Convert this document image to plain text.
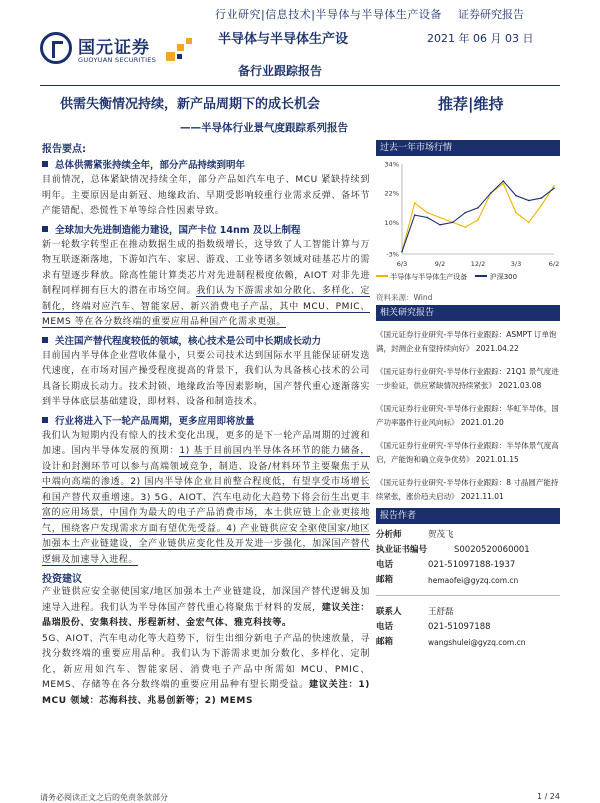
行业研究|信息技术|半导体与半导体生产设备 证券研究报告
国元证券
GUOYUAN SECURITIES
半导体与半导体生产设	2021 年 06 月 03 日
备行业跟踪报告
供需失衡情况持续，新产品周期下的成长机会
——半导体行业景气度跟踪系列报告
推荐|维持
报告要点:
总体供需紧张持续全年，部分产品持续到明年

目前情况，总体紧缺情况持续全年，部分产品如汽车电子、MCU 紧缺持续到明年。主要原因是由新冠、地缘政治、早期受影响较重行业需求反弹、备坏节产能错配、恐慌性下单等综合性因素导致。

全球加大先进制造能力建设，国产卡位 14nm 及以上制程

新一轮数字转型正在推动数据生成的指数级增长，这导致了人工智能计算与万物互联逐渐落地，下游如汽车、家居、游戏、工业等诸多领域对硅基芯片的需求有望逐步释放。除高性能计算类芯片对先进制程极度依赖，AIOT 对非先进制程同样拥有巨大的潜在市场空间。我们认为下游需求如分散化、多样化、定制化，终端对应汽车、智能家居、新兴消费电子产品，其中 MCU、PMIC、MEMS 等在各分数终端的重要应用品种国产化需求更强。

关注国产替代程度较低的领域，核心技术是公司中长期成长动力

目前国内半导体企业营收体量小，只要公司技术达到国际水平且能保证研发迭代速度，在市场对国产操受程度提高的背景下，我们认为具备核心技术的公司具备长期成长动力。技术封锁、地缘政治等因素影响，国产替代重心逐渐落实到半导体底层基础建设，即材料、设备和制造技术。

行业将进入下一轮产品周期，更多应用即将放量

我们认为短期内没有惊人的技术变化出现，更多的是下一轮产品周期的过渡和加速。国内半导体发展的预期：1) 基于目前国内半导体各环节的能力储备，设计和封测环节可以参与高端领域竞争，制造、设备/材料环节主要聚焦于从中端向高端的渗透。2) 国内半导体企业目前整合程度低，有望享受市场增长和国产替代双重增速。3) 5G、AIOT、汽车电动化大趋势下将会衍生出更丰富的应用场景，中国作为最大的电子产品消费市场，本土供应链上企业更接地气，围绕客户发现需求方面有望优先受益。4) 产业链供应安全驱使国家/地区加强本土产业链建设，全产业链供应变化性及开发进一步强化，加深国产替代逻辑及加速导入进程。

投资建议

产业链供应安全驱使国家/地区加强本土产业链建设，加深国产替代逻辑及加速导入进程。我们认为半导体国产替代重心将聚焦于材料的发展，建议关注：晶瑞股份、安集科技、彤程新材、金宏气体、雅克科技等。

5G、AIOT、汽车电动化等大趋势下，衍生出细分新电子产品的快速放量，寻找分数终端的重要应用品种。我们认为下游需求更加分数化、多样化、定制化，新应用如汽车、智能家居、消费电子产品中所需如 MCU、PMIC、MEMS、存储等在各分数终端的重要应用品种有望长期受益。建议关注：1) MCU 领域：芯海科技、兆易创新等；2) MEMS

过去一年市场行情
34%
22%
10%
-3%
6/3	9/2	12/2	3/3	6/2
半导体与半导体生产设备	沪深300
资料来源：Wind
相关研究报告
《国元证券行业研究-半导体行业跟踪：ASMPT 订单饱满，封测企业有望持续向好》 2021.04.22
《国元证券行业研究-半导体行业跟踪：21Q1 景气度进一步验证，供应紧缺情况持续紧张》 2021.03.08
《国元证券行业研究-半导体行业跟踪：华虹半导体，国产功率器件行业风向标》 2021.01.20
《国元证券行业研究-半导体行业跟踪：半导体景气度高启，产能饱和确立竞争优势》 2021.01.15
《国元证券行业研究-半导体行业跟踪：8 寸晶圆产能持续紧张，涨价趋夫启动》 2021.11.01
报告作者
分析师	贺茂飞
执业证书编号	S0020520060001
电话	021-51097188-1937
邮箱	hemaofei@gyzq.com.cn
联系人	王舒磊
电话	021-51097188
邮箱	wangshulei@gyzq.com.cn
请务必阅读正文之后的免责条款部分	1 / 24
